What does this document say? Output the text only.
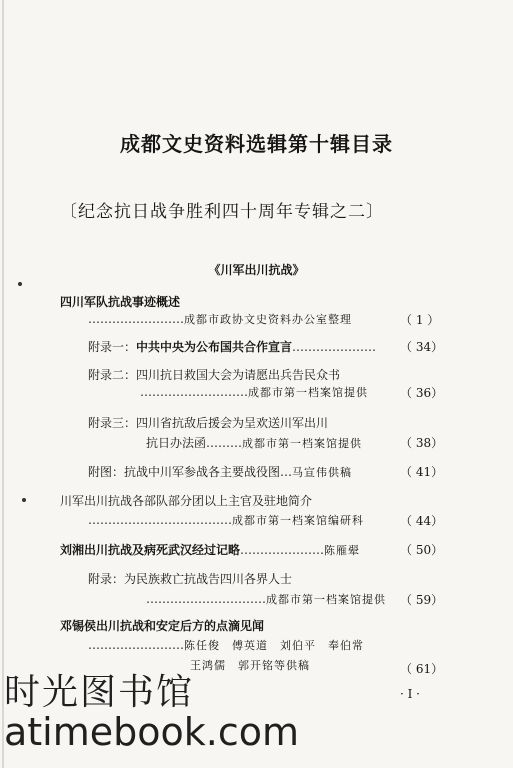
成都文史资料选辑第十辑目录
〔纪念抗日战争胜利四十周年专辑之二〕
《川军出川抗战》
四川军队抗战事迹概述
……………………成都市政协文史资料办公室整理	（ 1 ）
附录一：中共中央为公布国共合作宣言………………… （ 34）
附录二：四川抗日救国大会为请愿出兵告民众书
………………………成都市第一档案馆提供	（ 36）
附录三：四川省抗敌后援会为呈欢送川军出川
抗日办法函………成都市第一档案馆提供	（ 38）
附图：抗战中川军参战各主要战役图…马宣伟供稿	（ 41）
川军出川抗战各部队部分团以上主官及驻地简介
………………………………成都市第一档案馆编研科	（ 44）
刘湘出川抗战及病死武汉经过记略…………………陈雁翚	（ 50）
附录：为民族救亡抗战告四川各界人士
…………………………成都市第一档案馆提供 （ 59）
邓锡侯出川抗战和安定后方的点滴见闻
……………………陈任俊　傅英道　刘伯平　奉伯常
王鸿儒　郭开铭等供稿	（ 61）
· I ·
时光图书馆
atimebook.com
